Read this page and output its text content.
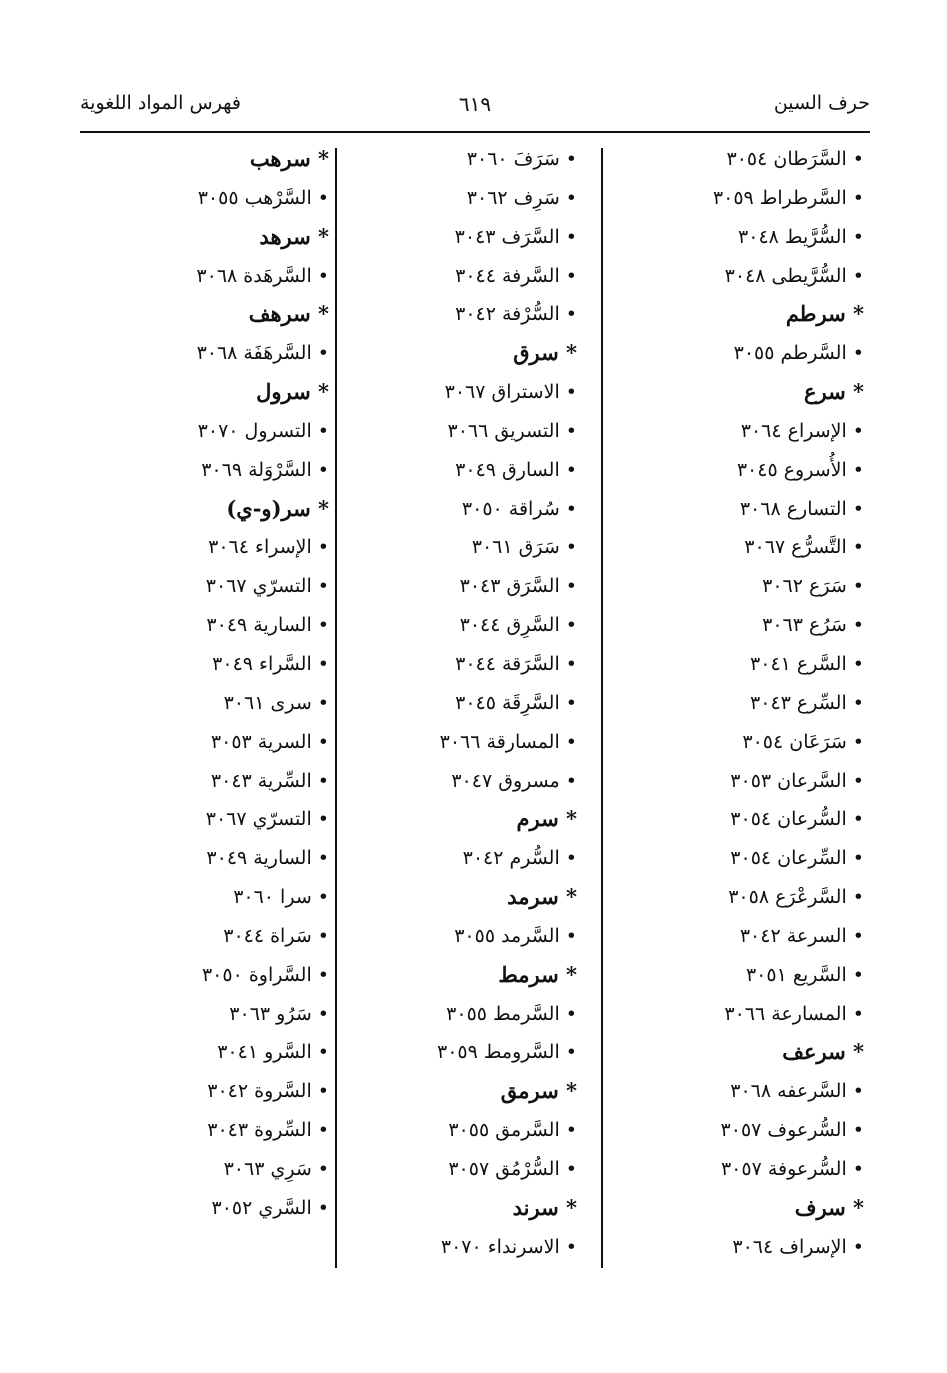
حرف السين
٦١٩
فهرس المواد اللغوية
• السَّرَطان ٣٠٥٤
• السَّرطراط ٣٠٥٩
• السُّرَّيط ٣٠٤٨
• السُّرَّيطى ٣٠٤٨
* سرطم
• السَّرطم ٣٠٥٥
* سرع
• الإسراع ٣٠٦٤
• الأُسروع ٣٠٤٥
• التسارع ٣٠٦٨
• التَّسرُّع ٣٠٦٧
• سَرَع ٣٠٦٢
• سَرُع ٣٠٦٣
• السَّرع ٣٠٤١
• السِّرع ٣٠٤٣
• سَرَعَان ٣٠٥٤
• السَّرعان ٣٠٥٣
• السُّرعان ٣٠٥٤
• السِّرعان ٣٠٥٤
• السَّرعْرَع ٣٠٥٨
• السرعة ٣٠٤٢
• السَّريع ٣٠٥١
• المسارعة ٣٠٦٦
* سرعف
• السَّرعفه ٣٠٦٨
• السُّرعوف ٣٠٥٧
• السُّرعوفة ٣٠٥٧
* سرف
• الإسراف ٣٠٦٤
• سَرَفَ ٣٠٦٠
• سَرِف ٣٠٦٢
• السَّرَف ٣٠٤٣
• السَّرفة ٣٠٤٤
• السُّرْفة ٣٠٤٢
* سرق
• الاستراق ٣٠٦٧
• التسريق ٣٠٦٦
• السارق ٣٠٤٩
• سُراقة ٣٠٥٠
• سَرَق ٣٠٦١
• السَّرَق ٣٠٤٣
• السَّرِق ٣٠٤٤
• السَّرَقة ٣٠٤٤
• السَّرِقَة ٣٠٤٥
• المسارقة ٣٠٦٦
• مسروق ٣٠٤٧
* سرم
• السُّرم ٣٠٤٢
* سرمد
• السَّرمد ٣٠٥٥
* سرمط
• السَّرمط ٣٠٥٥
• السَّرومط ٣٠٥٩
* سرمق
• السَّرمق ٣٠٥٥
• السُّرْمُق ٣٠٥٧
* سرند
• الاسرنداء ٣٠٧٠
* سرهب
• السَّرْهب ٣٠٥٥
* سرهد
• السَّرهَدة ٣٠٦٨
* سرهف
• السَّرهَفَة ٣٠٦٨
* سرول
• التسرول ٣٠٧٠
• السَّرْوَلة ٣٠٦٩
* سر(و-ي)
• الإسراء ٣٠٦٤
• التسرّي ٣٠٦٧
• السارية ٣٠٤٩
• السَّراء ٣٠٤٩
• سرى ٣٠٦١
• السرية ٣٠٥٣
• السِّرية ٣٠٤٣
• التسرّي ٣٠٦٧
• السارية ٣٠٤٩
• سرا ٣٠٦٠
• سَراة ٣٠٤٤
• السَّراوة ٣٠٥٠
• سَرُو ٣٠٦٣
• السَّرو ٣٠٤١
• السَّروة ٣٠٤٢
• السِّروة ٣٠٤٣
• سَرِي ٣٠٦٣
• السَّري ٣٠٥٢
